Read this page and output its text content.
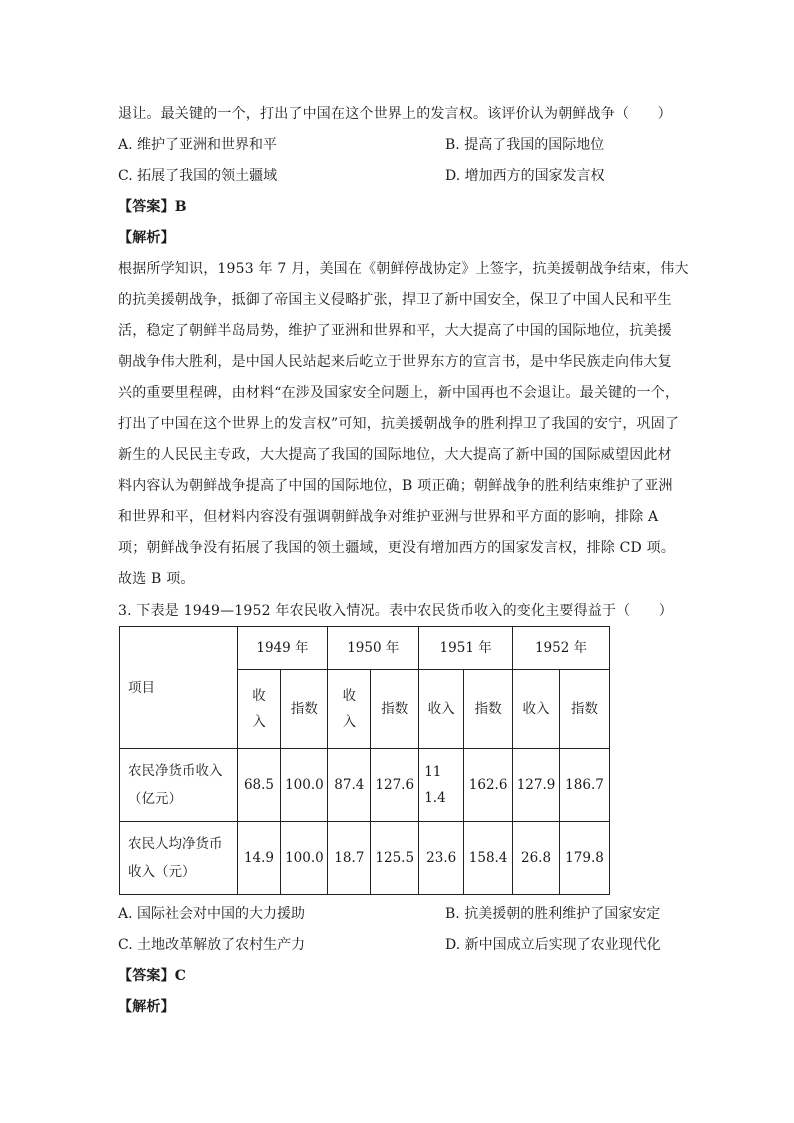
退让。最关键的一个，打出了中国在这个世界上的发言权。该评价认为朝鲜战争（　　）
A. 维护了亚洲和世界和平	B. 提高了我国的国际地位
C. 拓展了我国的领土疆域	D. 增加西方的国家发言权
【答案】B
【解析】
根据所学知识，1953 年 7 月，美国在《朝鲜停战协定》上签字，抗美援朝战争结束，伟大
的抗美援朝战争，抵御了帝国主义侵略扩张，捍卫了新中国安全，保卫了中国人民和平生
活，稳定了朝鲜半岛局势，维护了亚洲和世界和平，大大提高了中国的国际地位，抗美援
朝战争伟大胜利，是中国人民站起来后屹立于世界东方的宣言书，是中华民族走向伟大复
兴的重要里程碑，由材料“在涉及国家安全问题上，新中国再也不会退让。最关键的一个，
打出了中国在这个世界上的发言权”可知，抗美援朝战争的胜利捍卫了我国的安宁，巩固了
新生的人民民主专政，大大提高了我国的国际地位，大大提高了新中国的国际威望因此材
料内容认为朝鲜战争提高了中国的国际地位，B 项正确；朝鲜战争的胜利结束维护了亚洲
和世界和平，但材料内容没有强调朝鲜战争对维护亚洲与世界和平方面的影响，排除 A
项；朝鲜战争没有拓展了我国的领土疆域，更没有增加西方的国家发言权，排除 CD 项。
故选 B 项。
3. 下表是 1949—1952 年农民收入情况。表中农民货币收入的变化主要得益于（　　）
项目	1949 年		1950 年		1951 年		1952 年	
	收入	指数	收入	指数	收入	指数	收入	指数

农民净货币收入
（亿元）	68.5	100.0	87.4	127.6	111.4	162.6	127.9	186.7

农民人均净货币
收入（元）	14.9	100.0	18.7	125.5	23.6	158.4	26.8	179.8
A. 国际社会对中国的大力援助	B. 抗美援朝的胜利维护了国家安定
C. 土地改革解放了农村生产力	D. 新中国成立后实现了农业现代化
【答案】C
【解析】
